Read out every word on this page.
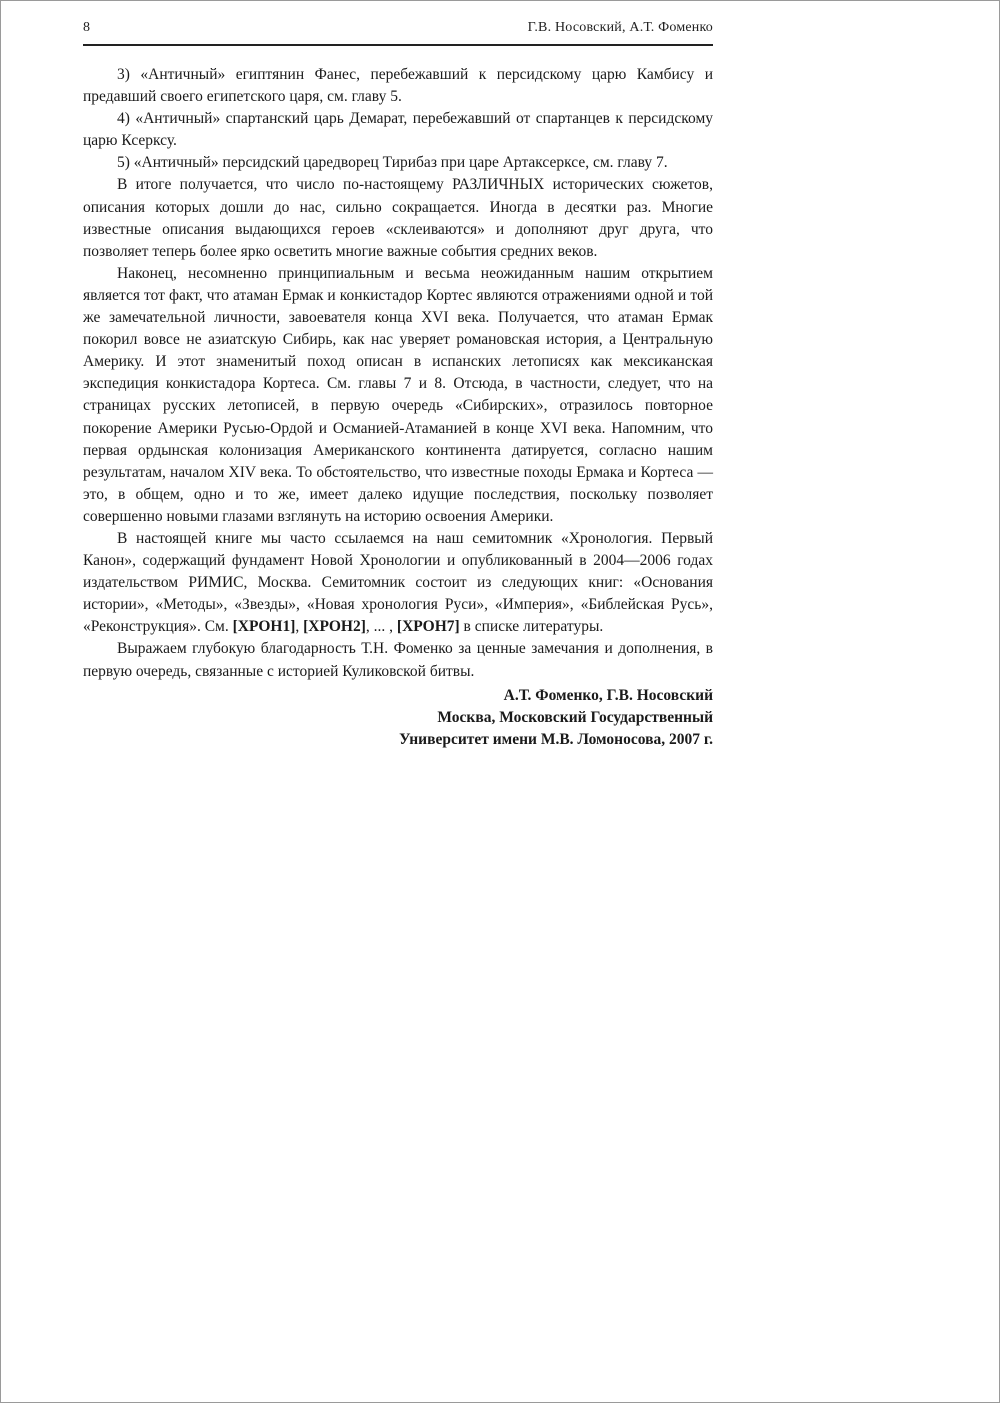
8	Г.В. Носовский, А.Т. Фоменко

3) «Античный» египтянин Фанес, перебежавший к персидскому царю Камбису и предавший своего египетского царя, см. главу 5.

4) «Античный» спартанский царь Демарат, перебежавший от спартанцев к персидскому царю Ксерксу.

5) «Античный» персидский царедворец Тирибаз при царе Артаксерксе, см. главу 7.

В итоге получается, что число по-настоящему РАЗЛИЧНЫХ исторических сюжетов, описания которых дошли до нас, сильно сокращается. Иногда в десятки раз. Многие известные описания выдающихся героев «склеиваются» и дополняют друг друга, что позволяет теперь более ярко осветить многие важные события средних веков.

Наконец, несомненно принципиальным и весьма неожиданным нашим открытием является тот факт, что атаман Ермак и конкистадор Кортес являются отражениями одной и той же замечательной личности, завоевателя конца XVI века. Получается, что атаман Ермак покорил вовсе не азиатскую Сибирь, как нас уверяет романовская история, а Центральную Америку. И этот знаменитый поход описан в испанских летописях как мексиканская экспедиция конкистадора Кортеса. См. главы 7 и 8. Отсюда, в частности, следует, что на страницах русских летописей, в первую очередь «Сибирских», отразилось повторное покорение Америки Русью-Ордой и Османией-Атаманией в конце XVI века. Напомним, что первая ордынская колонизация Американского континента датируется, согласно нашим результатам, началом XIV века. То обстоятельство, что известные походы Ермака и Кортеса — это, в общем, одно и то же, имеет далеко идущие последствия, поскольку позволяет совершенно новыми глазами взглянуть на историю освоения Америки.

В настоящей книге мы часто ссылаемся на наш семитомник «Хронология. Первый Канон», содержащий фундамент Новой Хронологии и опубликованный в 2004—2006 годах издательством РИМИС, Москва. Семитомник состоит из следующих книг: «Основания истории», «Методы», «Звезды», «Новая хронология Руси», «Империя», «Библейская Русь», «Реконструкция». См. [ХРОН1], [ХРОН2], ... , [ХРОН7] в списке литературы.

Выражаем глубокую благодарность Т.Н. Фоменко за ценные замечания и дополнения, в первую очередь, связанные с историей Куликовской битвы.

А.Т. Фоменко, Г.В. Носовский
Москва, Московский Государственный
Университет имени М.В. Ломоносова, 2007 г.
